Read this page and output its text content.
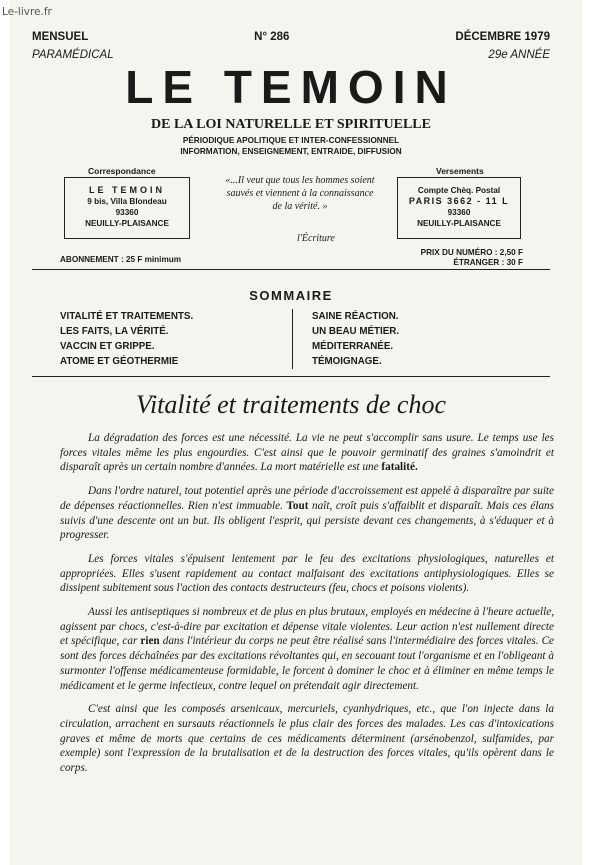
Le-livre.fr
MENSUEL	N° 286	DÉCEMBRE 1979
PARAMÉDICAL	29e ANNÉE
LE TEMOIN
DE LA LOI NATURELLE ET SPIRITUELLE
PÉRIODIQUE APOLITIQUE ET INTER-CONFESSIONNEL
INFORMATION, ENSEIGNEMENT, ENTRAIDE, DIFFUSION
Correspondance
LE TEMOIN
9 bis, Villa Blondeau
93360
NEUILLY-PLAISANCE
«...Il veut que tous les hommes soient sauvés et viennent à la connaissance de la vérité. »
l'Écriture
Versements
Compte Chèq. Postal
PARIS 3662 - 11 L
93360
NEUILLY-PLAISANCE
ABONNEMENT : 25 F minimum
PRIX DU NUMÉRO : 2,50 F
ÉTRANGER : 30 F
SOMMAIRE
VITALITÉ ET TRAITEMENTS.
LES FAITS, LA VÉRITÉ.
VACCIN ET GRIPPE.
ATOME ET GÉOTHERMIE
SAINE RÉACTION.
UN BEAU MÉTIER.
MÉDITERRANÉE.
TÉMOIGNAGE.
Vitalité et traitements de choc

La dégradation des forces est une nécessité. La vie ne peut s'accomplir sans usure. Le temps use les forces vitales même les plus engourdies. C'est ainsi que le pouvoir germinatif des graines s'amoindrit et disparaît après un certain nombre d'années. La mort matérielle est une fatalité.

Dans l'ordre naturel, tout potentiel après une période d'accroissement est appelé à disparaître par suite de dépenses réactionnelles. Rien n'est immuable. Tout naît, croît puis s'affaiblit et disparaît. Mais ces élans suivis d'une descente ont un but. Ils obligent l'esprit, qui persiste devant ces changements, à s'éduquer et à progresser.

Les forces vitales s'épuisent lentement par le feu des excitations physiologiques, naturelles et appropriées. Elles s'usent rapidement au contact malfaisant des excitations antiphysiologiques. Elles se dissipent subitement sous l'action des contacts destructeurs (feu, chocs et poisons violents).

Aussi les antiseptiques si nombreux et de plus en plus brutaux, employés en médecine à l'heure actuelle, agissent par chocs, c'est-à-dire par excitation et dépense vitale violentes. Leur action n'est nullement directe et spécifique, car rien dans l'intérieur du corps ne peut être réalisé sans l'intermédiaire des forces vitales. Ce sont des forces déchaînées par des excitations révoltantes qui, en secouant tout l'organisme et en l'obligeant à surmonter l'offense médicamenteuse formidable, le forcent à dominer le choc et à éliminer en même temps le médicament et le germe infectieux, contre lequel on prétendait agir directement.

C'est ainsi que les composés arsenicaux, mercuriels, cyanhydriques, etc., que l'on injecte dans la circulation, arrachent en sursauts réactionnels le plus clair des forces des malades. Les cas d'intoxications graves et même de morts que certains de ces médicaments déterminent (arsénobenzol, sulfamides, par exemple) sont l'expression de la brutalisation et de la destruction des forces vitales, qu'ils opèrent dans le corps.
